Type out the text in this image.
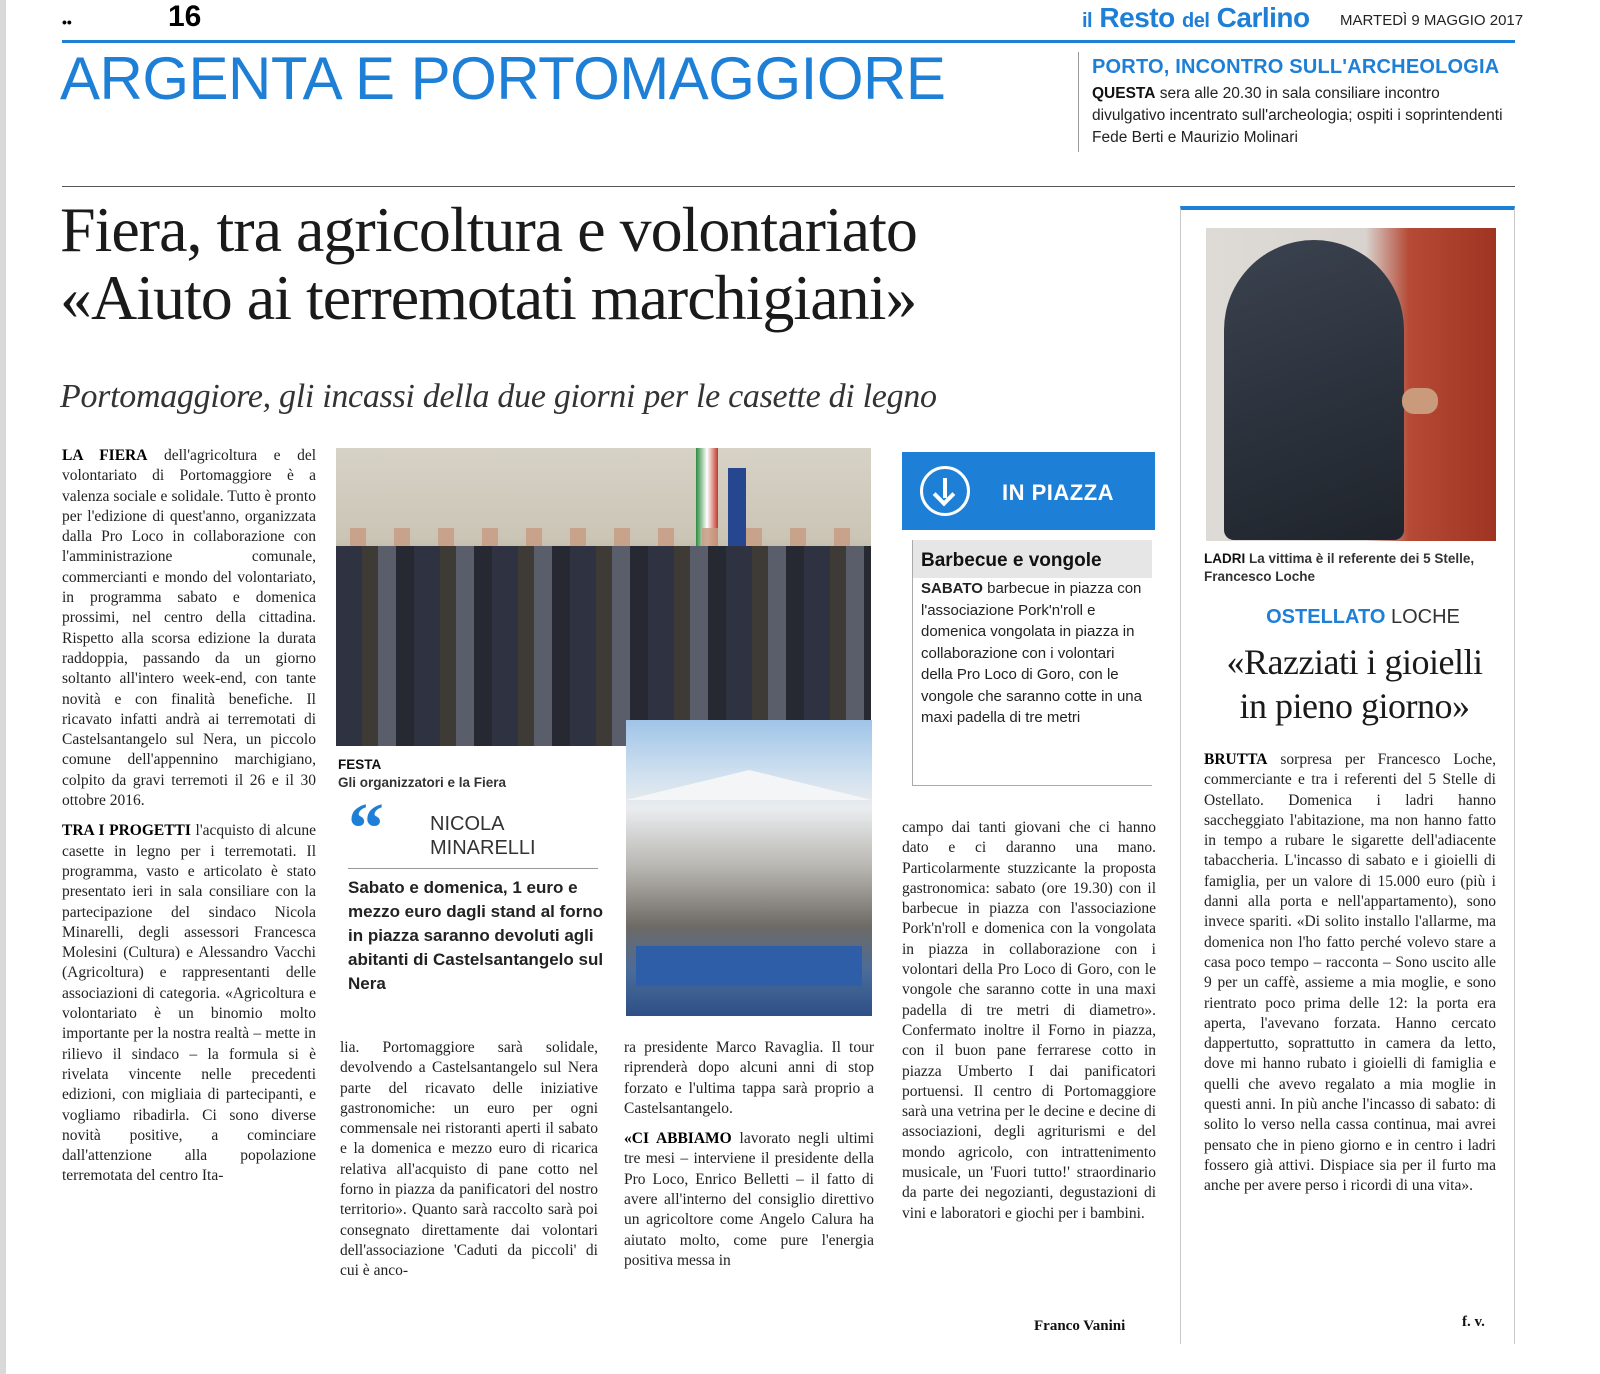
••	16	il Resto del Carlino MARTEDÌ 9 MAGGIO 2017
ARGENTA E PORTOMAGGIORE	PORTO, INCONTRO SULL'ARCHEOLOGIA
QUESTA sera alle 20.30 in sala consiliare incontro divulgativo incentrato sull'archeologia; ospiti i soprintendenti Fede Berti e Maurizio Molinari
Fiera, tra agricoltura e volontariato
«Aiuto ai terremotati marchigiani»
Portomaggiore, gli incassi della due giorni per le casette di legno

LA FIERA dell'agricoltura e del volontariato di Portomaggiore è a valenza sociale e solidale. Tutto è pronto per l'edizione di quest'anno, organizzata dalla Pro Loco in collaborazione con l'amministrazione comunale, commercianti e mondo del volontariato, in programma sabato e domenica prossimi, nel centro della cittadina. Rispetto alla scorsa edizione la durata raddoppia, passando da un giorno soltanto all'intero week-end, con tante novità e con finalità benefiche. Il ricavato infatti andrà ai terremotati di Castelsantangelo sul Nera, un piccolo comune dell'appennino marchigiano, colpito da gravi terremoti il 26 e il 30 ottobre 2016.

TRA I PROGETTI l'acquisto di alcune casette in legno per i terremotati. Il programma, vasto e articolato è stato presentato ieri in sala consiliare con la partecipazione del sindaco Nicola Minarelli, degli assessori Francesca Molesini (Cultura) e Alessandro Vacchi (Agricoltura) e rappresentanti delle associazioni di categoria. «Agricoltura e volontariato è un binomio molto importante per la nostra realtà – mette in rilievo il sindaco – la formula si è rivelata vincente nelle precedenti edizioni, con migliaia di partecipanti, e vogliamo ribadirla. Ci sono diverse novità positive, a cominciare dall'attenzione alla popolazione terremotata del centro Ita-

FESTA
Gli organizzatori e la Fiera
“ NICOLA
MINARELLI
Sabato e domenica, 1 euro e mezzo euro dagli stand al forno in piazza saranno devoluti agli abitanti di Castelsantangelo sul Nera
lia. Portomaggiore sarà solidale, devolvendo a Castelsantangelo sul Nera parte del ricavato delle iniziative gastronomiche: un euro per ogni commensale nei ristoranti aperti il sabato e la domenica e mezzo euro di ricarica relativa all'acquisto di pane cotto nel forno in piazza da panificatori del nostro territorio». Quanto sarà raccolto sarà poi consegnato direttamente dai volontari dell'associazione 'Caduti da piccoli' di cui è anco-

ra presidente Marco Ravaglia. Il tour riprenderà dopo alcuni anni di stop forzato e l'ultima tappa sarà proprio a Castelsantangelo.

«CI ABBIAMO lavorato negli ultimi tre mesi – interviene il presidente della Pro Loco, Enrico Belletti – il fatto di avere all'interno del consiglio direttivo un agricoltore come Angelo Calura ha aiutato molto, come pure l'energia positiva messa in

IN PIAZZA
Barbecue e vongole
SABATO barbecue in piazza con l'associazione Pork'n'roll e domenica vongolata in piazza in collaborazione con i volontari della Pro Loco di Goro, con le vongole che saranno cotte in una maxi padella di tre metri
campo dai tanti giovani che ci hanno dato e ci daranno una mano. Particolarmente stuzzicante la proposta gastronomica: sabato (ore 19.30) con il barbecue in piazza con l'associazione Pork'n'roll e domenica con la vongolata in piazza in collaborazione con i volontari della Pro Loco di Goro, con le vongole che saranno cotte in una maxi padella di tre metri di diametro». Confermato inoltre il Forno in piazza, con il buon pane ferrarese cotto in piazza Umberto I dai panificatori portuensi. Il centro di Portomaggiore sarà una vetrina per le decine e decine di associazioni, degli agriturismi e del mondo agricolo, con intrattenimento musicale, un 'Fuori tutto!' straordinario da parte dei negozianti, degustazioni di vini e laboratori e giochi per i bambini.
Franco Vanini
LADRI La vittima è il referente dei 5 Stelle, Francesco Loche
OSTELLATO LOCHE
«Razziati i gioielli
in pieno giorno»

BRUTTA sorpresa per Francesco Loche, commerciante e tra i referenti del 5 Stelle di Ostellato. Domenica i ladri hanno saccheggiato l'abitazione, ma non hanno fatto in tempo a rubare le sigarette dell'adiacente tabaccheria. L'incasso di sabato e i gioielli di famiglia, per un valore di 15.000 euro (più i danni alla porta e nell'appartamento), sono invece spariti. «Di solito installo l'allarme, ma domenica non l'ho fatto perché volevo stare a casa poco tempo – racconta – Sono uscito alle 9 per un caffè, assieme a mia moglie, e sono rientrato poco prima delle 12: la porta era aperta, l'avevano forzata. Hanno cercato dappertutto, soprattutto in camera da letto, dove mi hanno rubato i gioielli di famiglia e quelli che avevo regalato a mia moglie in questi anni. In più anche l'incasso di sabato: di solito lo verso nella cassa continua, mai avrei pensato che in pieno giorno e in centro i ladri fossero già attivi. Dispiace sia per il furto ma anche per avere perso i ricordi di una vita».

f. v.
